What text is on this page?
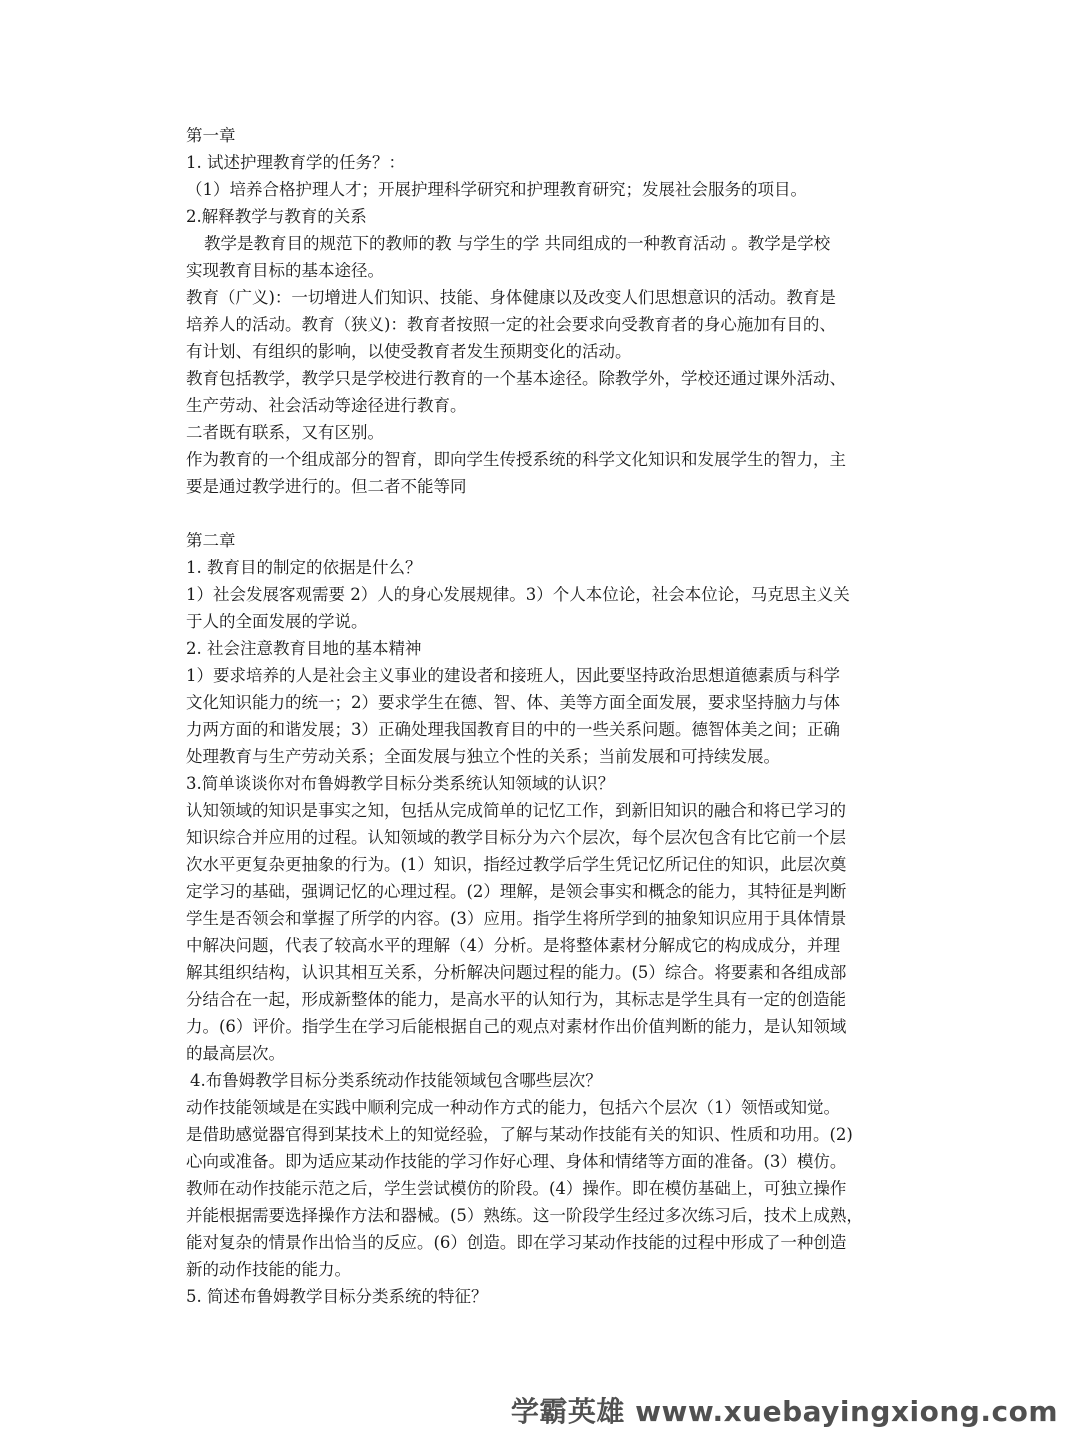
第一章

1. 试述护理教育学的任务？：

（1）培养合格护理人才；开展护理科学研究和护理教育研究；发展社会服务的项目。

2.解释教学与教育的关系

教学是教育目的规范下的教师的教 与学生的学 共同组成的一种教育活动 。教学是学校

实现教育目标的基本途径。

教育（广义)：一切增进人们知识、技能、身体健康以及改变人们思想意识的活动。教育是

培养人的活动。教育（狭义)：教育者按照一定的社会要求向受教育者的身心施加有目的、

有计划、有组织的影响，以使受教育者发生预期变化的活动。

教育包括教学，教学只是学校进行教育的一个基本途径。除教学外，学校还通过课外活动、

生产劳动、社会活动等途径进行教育。

二者既有联系，又有区别。

作为教育的一个组成部分的智育，即向学生传授系统的科学文化知识和发展学生的智力，主

要是通过教学进行的。但二者不能等同

第二章

1. 教育目的制定的依据是什么？

1）社会发展客观需要 2）人的身心发展规律。3）个人本位论，社会本位论，马克思主义关

于人的全面发展的学说。

2. 社会注意教育目地的基本精神

1）要求培养的人是社会主义事业的建设者和接班人，因此要坚持政治思想道德素质与科学

文化知识能力的统一；2）要求学生在德、智、体、美等方面全面发展，要求坚持脑力与体

力两方面的和谐发展；3）正确处理我国教育目的中的一些关系问题。德智体美之间；正确

处理教育与生产劳动关系；全面发展与独立个性的关系；当前发展和可持续发展。

3.简单谈谈你对布鲁姆教学目标分类系统认知领域的认识？

认知领域的知识是事实之知，包括从完成简单的记忆工作，到新旧知识的融合和将已学习的

知识综合并应用的过程。认知领域的教学目标分为六个层次，每个层次包含有比它前一个层

次水平更复杂更抽象的行为。(1）知识，指经过教学后学生凭记忆所记住的知识，此层次奠

定学习的基础，强调记忆的心理过程。(2）理解，是领会事实和概念的能力，其特征是判断

学生是否领会和掌握了所学的内容。(3）应用。指学生将所学到的抽象知识应用于具体情景

中解决问题，代表了较高水平的理解（4）分析。是将整体素材分解成它的构成成分，并理

解其组织结构，认识其相互关系，分析解决问题过程的能力。(5）综合。将要素和各组成部

分结合在一起，形成新整体的能力，是高水平的认知行为，其标志是学生具有一定的创造能

力。(6）评价。指学生在学习后能根据自己的观点对素材作出价值判断的能力，是认知领域

的最高层次。

4.布鲁姆教学目标分类系统动作技能领域包含哪些层次？

动作技能领域是在实践中顺利完成一种动作方式的能力，包括六个层次（1）领悟或知觉。

是借助感觉器官得到某技术上的知觉经验，了解与某动作技能有关的知识、性质和功用。(2)

心向或准备。即为适应某动作技能的学习作好心理、身体和情绪等方面的准备。(3）模仿。

教师在动作技能示范之后，学生尝试模仿的阶段。(4）操作。即在模仿基础上，可独立操作

并能根据需要选择操作方法和器械。(5）熟练。这一阶段学生经过多次练习后，技术上成熟，

能对复杂的情景作出恰当的反应。(6）创造。即在学习某动作技能的过程中形成了一种创造

新的动作技能的能力。

5. 简述布鲁姆教学目标分类系统的特征？

学霸英雄 www.xuebayingxiong.com
